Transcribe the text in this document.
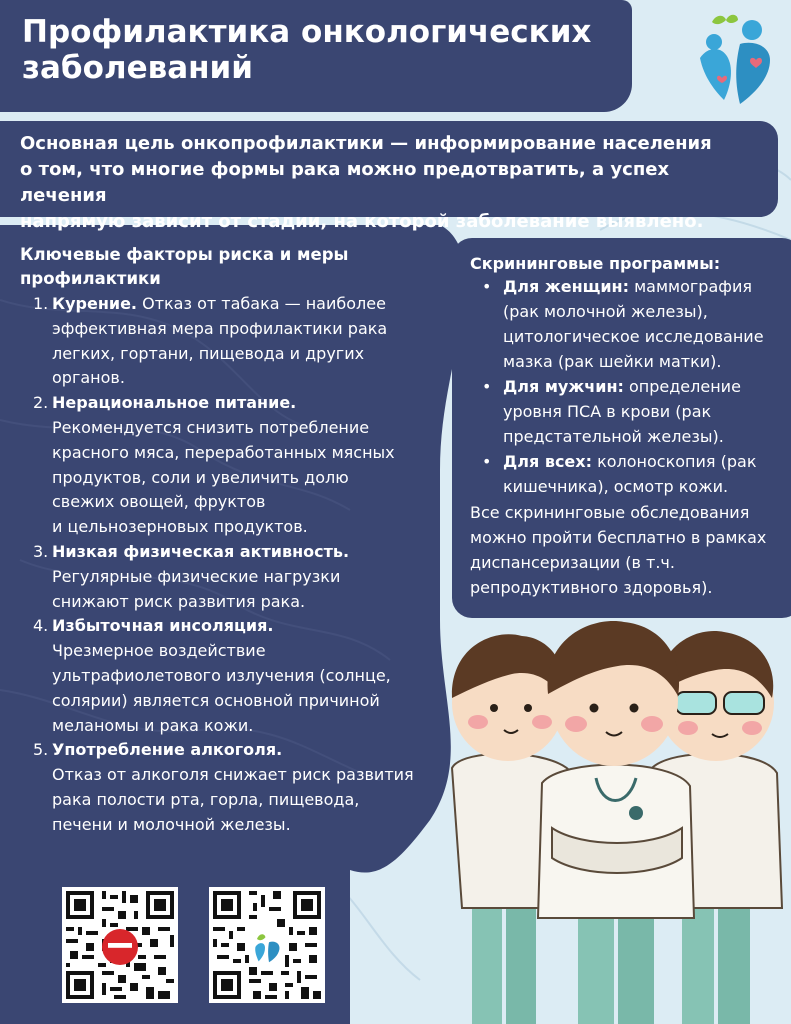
Профилактика онкологических
заболеваний

Основная цель онкопрофилактики — информирование населения
о том, что многие формы рака можно предотвратить, а успех лечения
напрямую зависит от стадии, на которой заболевание выявлено.

Ключевые факторы риска и меры
профилактики
1. Курение. Отказ от табака — наиболее
эффективная мера профилактики рака
легких, гортани, пищевода и других
органов.
2. Нерациональное питание.
Рекомендуется снизить потребление
красного мяса, переработанных мясных
продуктов, соли и увеличить долю
свежих овощей, фруктов
и цельнозерновых продуктов.
3. Низкая физическая активность.
Регулярные физические нагрузки
снижают риск развития рака.
4. Избыточная инсоляция.
Чрезмерное воздействие
ультрафиолетового излучения (солнце,
солярии) является основной причиной
меланомы и рака кожи.
5. Употребление алкоголя.
Отказ от алкоголя снижает риск развития
рака полости рта, горла, пищевода,
печени и молочной железы.
Скрининговые программы:
• Для женщин: маммография
(рак молочной железы),
цитологическое исследование
мазка (рак шейки матки).
• Для мужчин: определение
уровня ПСА в крови (рак
предстательной железы).
• Для всех: колоноскопия (рак
кишечника), осмотр кожи.

Все скрининговые обследования
можно пройти бесплатно в рамках
диспансеризации (в т.ч.
репродуктивного здоровья).
